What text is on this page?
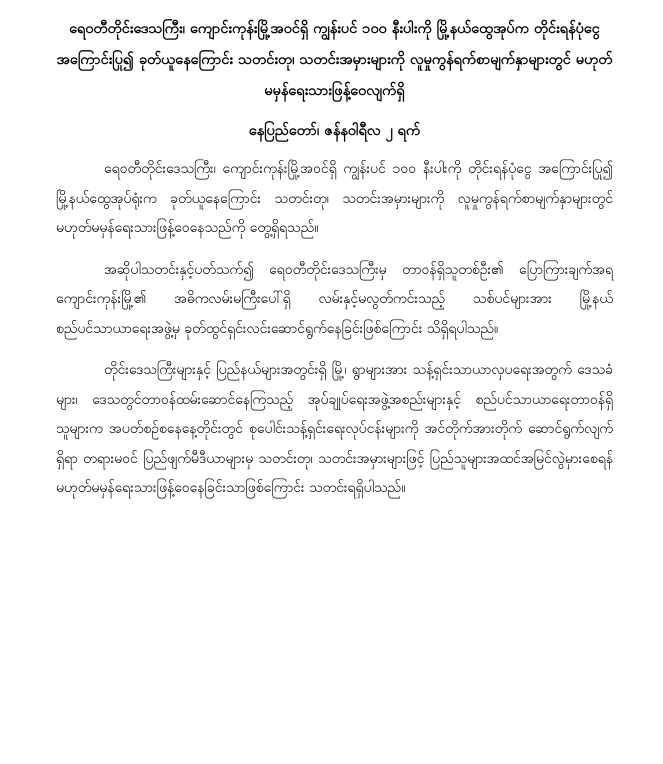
ရေဝတီတိုင်းဒေသကြီး၊ ကျောင်းကုန်းမြို့အဝင်ရှိ ကျွန်းပင် ၁၀၀ နီးပါးကို မြို့နယ်ထွေအုပ်က တိုင်းရန်ပုံငွေ အကြောင်းပြု၍ ခုတ်ယူနေကြောင်း သတင်းတု၊ သတင်းအမှားများကို လူမှုကွန်ရက်စာမျက်နှာများတွင် မဟုတ်မမှန်ရေးသားဖြန့်ဝေလျက်ရှိ

နေပြည်တော်၊ ဇန်နဝါရီလ ၂ ရက်

ရေဝတီတိုင်းဒေသကြီး၊ ကျောင်းကုန်းမြို့အဝင်ရှိ ကျွန်းပင် ၁၀၀ နီးပါးကို တိုင်းရန်ပုံငွေ အကြောင်းပြု၍ မြို့နယ်ထွေအုပ်ရုံးက ခုတ်ယူနေကြောင်း သတင်းတု၊ သတင်းအမှားများကို လူမှုကွန်ရက်စာမျက်နှာများတွင် မဟုတ်မမှန်ရေးသားဖြန့်ဝေနေသည်ကို တွေ့ရှိရသည်။

အဆိုပါသတင်းနှင့်ပတ်သက်၍ ရေဝတီတိုင်းဒေသကြီးမှ တာဝန်ရှိသူတစ်ဦး၏ ပြောကြားချက်အရ ကျောင်းကုန်းမြို့၏ အဓိကလမ်းမကြီးပေါ်ရှိ လမ်းနှင့်မလွတ်ကင်းသည့် သစ်ပင်များအား မြို့နယ်စည်ပင်သာယာရေးအဖွဲ့မှ ခုတ်ထွင်ရှင်းလင်းဆောင်ရွက်နေခြင်းဖြစ်ကြောင်း သိရှိရပါသည်။

တိုင်းဒေသကြီးများနှင့် ပြည်နယ်များအတွင်းရှိ မြို့၊ ရွာများအား သန့်ရှင်းသာယာလှပရေးအတွက် ဒေသခံများ၊ ဒေသတွင်တာဝန်ထမ်းဆောင်နေကြသည့် အုပ်ချုပ်ရေးအဖွဲ့အစည်းများနှင့် စည်ပင်သာယာရေးတာဝန်ရှိသူများက အပတ်စဉ်စနေနေ့တိုင်းတွင် စုပေါင်းသန့်ရှင်းရေးလုပ်ငန်းများကို အင်တိုက်အားတိုက် ဆောင်ရွက်လျက်ရှိရာ တရားမဝင် ပြည်ဖျက်မီဒီယာများမှ သတင်းတု၊ သတင်းအမှားများဖြင့် ပြည်သူများအထင်အမြင်လွဲမှားစေရန် မဟုတ်မမှန်ရေးသားဖြန့်ဝေနေခြင်းသာဖြစ်ကြောင်း သတင်းရရှိပါသည်။
